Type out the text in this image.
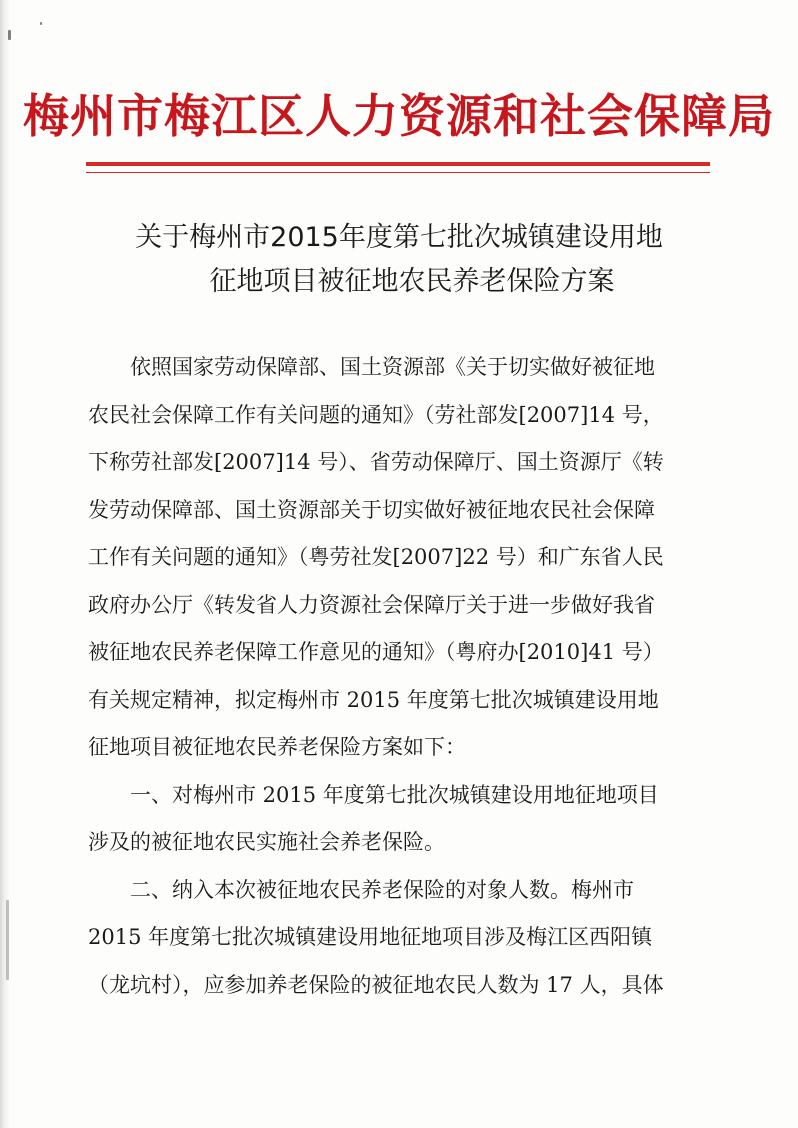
梅州市梅江区人力资源和社会保障局
关于梅州市2015年度第七批次城镇建设用地
征地项目被征地农民养老保险方案
依照国家劳动保障部、国土资源部《关于切实做好被征地
农民社会保障工作有关问题的通知》（劳社部发[2007]14 号，
下称劳社部发[2007]14 号）、省劳动保障厅、国土资源厅《转
发劳动保障部、国土资源部关于切实做好被征地农民社会保障
工作有关问题的通知》（粤劳社发[2007]22 号）和广东省人民
政府办公厅《转发省人力资源社会保障厅关于进一步做好我省
被征地农民养老保障工作意见的通知》（粤府办[2010]41 号）
有关规定精神，拟定梅州市 2015 年度第七批次城镇建设用地
征地项目被征地农民养老保险方案如下：
一、对梅州市 2015 年度第七批次城镇建设用地征地项目
涉及的被征地农民实施社会养老保险。
二、纳入本次被征地农民养老保险的对象人数。梅州市
2015 年度第七批次城镇建设用地征地项目涉及梅江区西阳镇
（龙坑村），应参加养老保险的被征地农民人数为 17 人，具体
